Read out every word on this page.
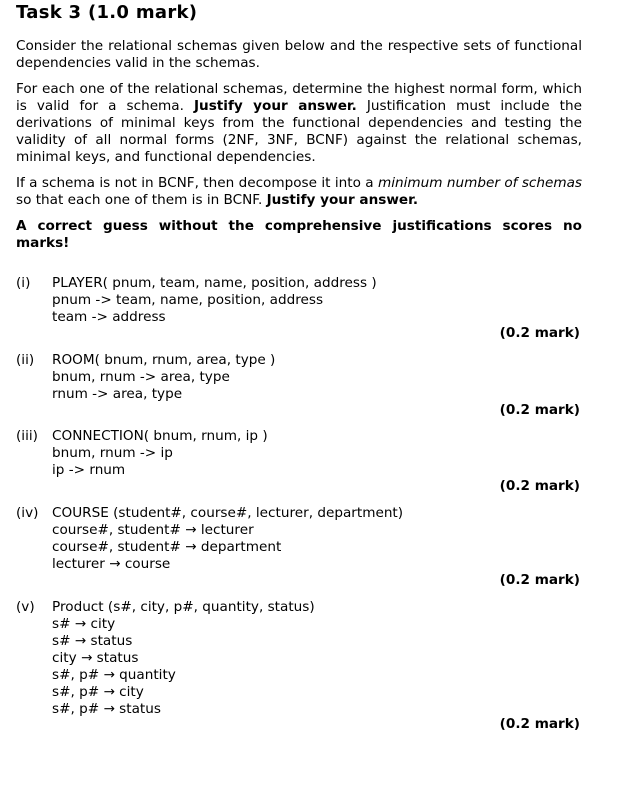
Task 3 (1.0 mark)
Consider the relational schemas given below and the respective sets of functional dependencies valid in the schemas.
For each one of the relational schemas, determine the highest normal form, which is valid for a schema. Justify your answer. Justification must include the derivations of minimal keys from the functional dependencies and testing the validity of all normal forms (2NF, 3NF, BCNF) against the relational schemas, minimal keys, and functional dependencies.
If a schema is not in BCNF, then decompose it into a minimum number of schemas so that each one of them is in BCNF. Justify your answer.
A correct guess without the comprehensive justifications scores no marks!
(i) PLAYER( pnum, team, name, position, address )
pnum -> team, name, position, address
team -> address
(0.2 mark)
(ii) ROOM( bnum, rnum, area, type )
bnum, rnum -> area, type
rnum -> area, type
(0.2 mark)
(iii) CONNECTION( bnum, rnum, ip )
bnum, rnum -> ip
ip -> rnum
(0.2 mark)
(iv) COURSE (student#, course#, lecturer, department)
course#, student# → lecturer
course#, student# → department
lecturer → course
(0.2 mark)
(v) Product (s#, city, p#, quantity, status)
s# → city
s# → status
city → status
s#, p# → quantity
s#, p# → city
s#, p# → status
(0.2 mark)
